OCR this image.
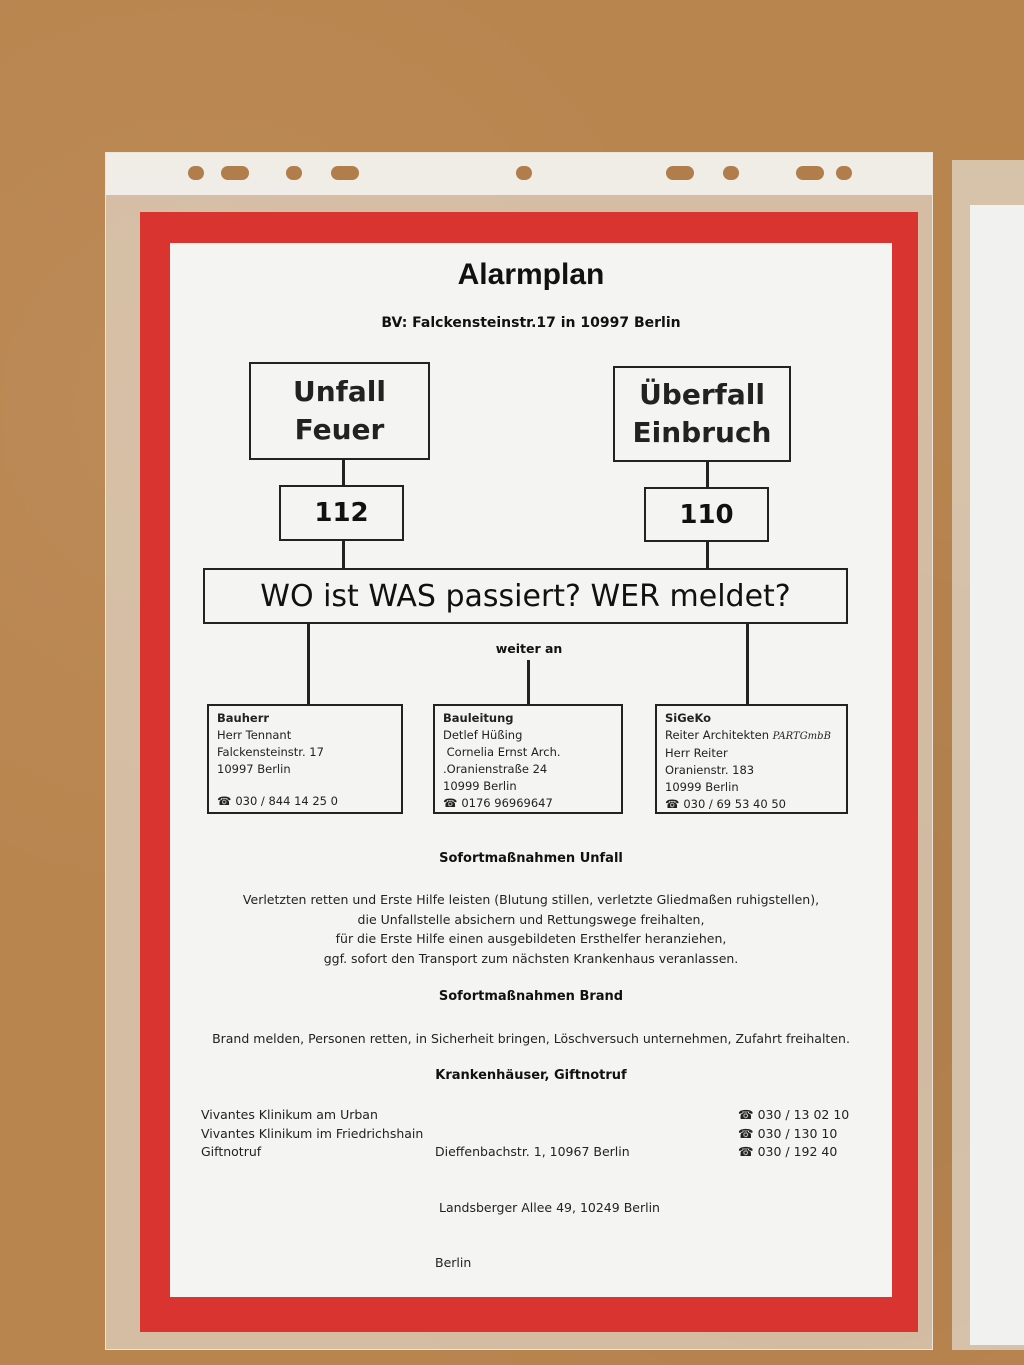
Alarmplan
BV: Falckensteinstr.17 in 10997 Berlin
Unfall
Feuer
Überfall
Einbruch
112	110
WO ist WAS passiert? WER meldet?
weiter an
Bauherr
Herr Tennant
Falckensteinstr. 17
10997 Berlin
☎ 030 / 844 14 25 0
Bauleitung
Detlef Hüßing
Cornelia Ernst Arch.
.Oranienstraße 24
10999 Berlin
☎ 0176 96969647
SiGeKo
Reiter Architekten PARTGmbB
Herr Reiter
Oranienstr. 183
10999 Berlin
☎ 030 / 69 53 40 50
Sofortmaßnahmen Unfall
Verletzten retten und Erste Hilfe leisten (Blutung stillen, verletzte Gliedmaßen ruhigstellen),
die Unfallstelle absichern und Rettungswege freihalten,
für die Erste Hilfe einen ausgebildeten Ersthelfer heranziehen,
ggf. sofort den Transport zum nächsten Krankenhaus veranlassen.
Sofortmaßnahmen Brand
Brand melden, Personen retten, in Sicherheit bringen, Löschversuch unternehmen, Zufahrt freihalten.
Krankenhäuser, Giftnotruf
Vivantes Klinikum am Urban
Vivantes Klinikum im Friedrichshain
Giftnotruf

	Dieffenbachstr. 1, 10967 Berlin

Landsberger Allee 49, 10249 Berlin

Berlin

☎ 030 / 13 02 10
☎ 030 / 130 10
☎ 030 / 192 40
